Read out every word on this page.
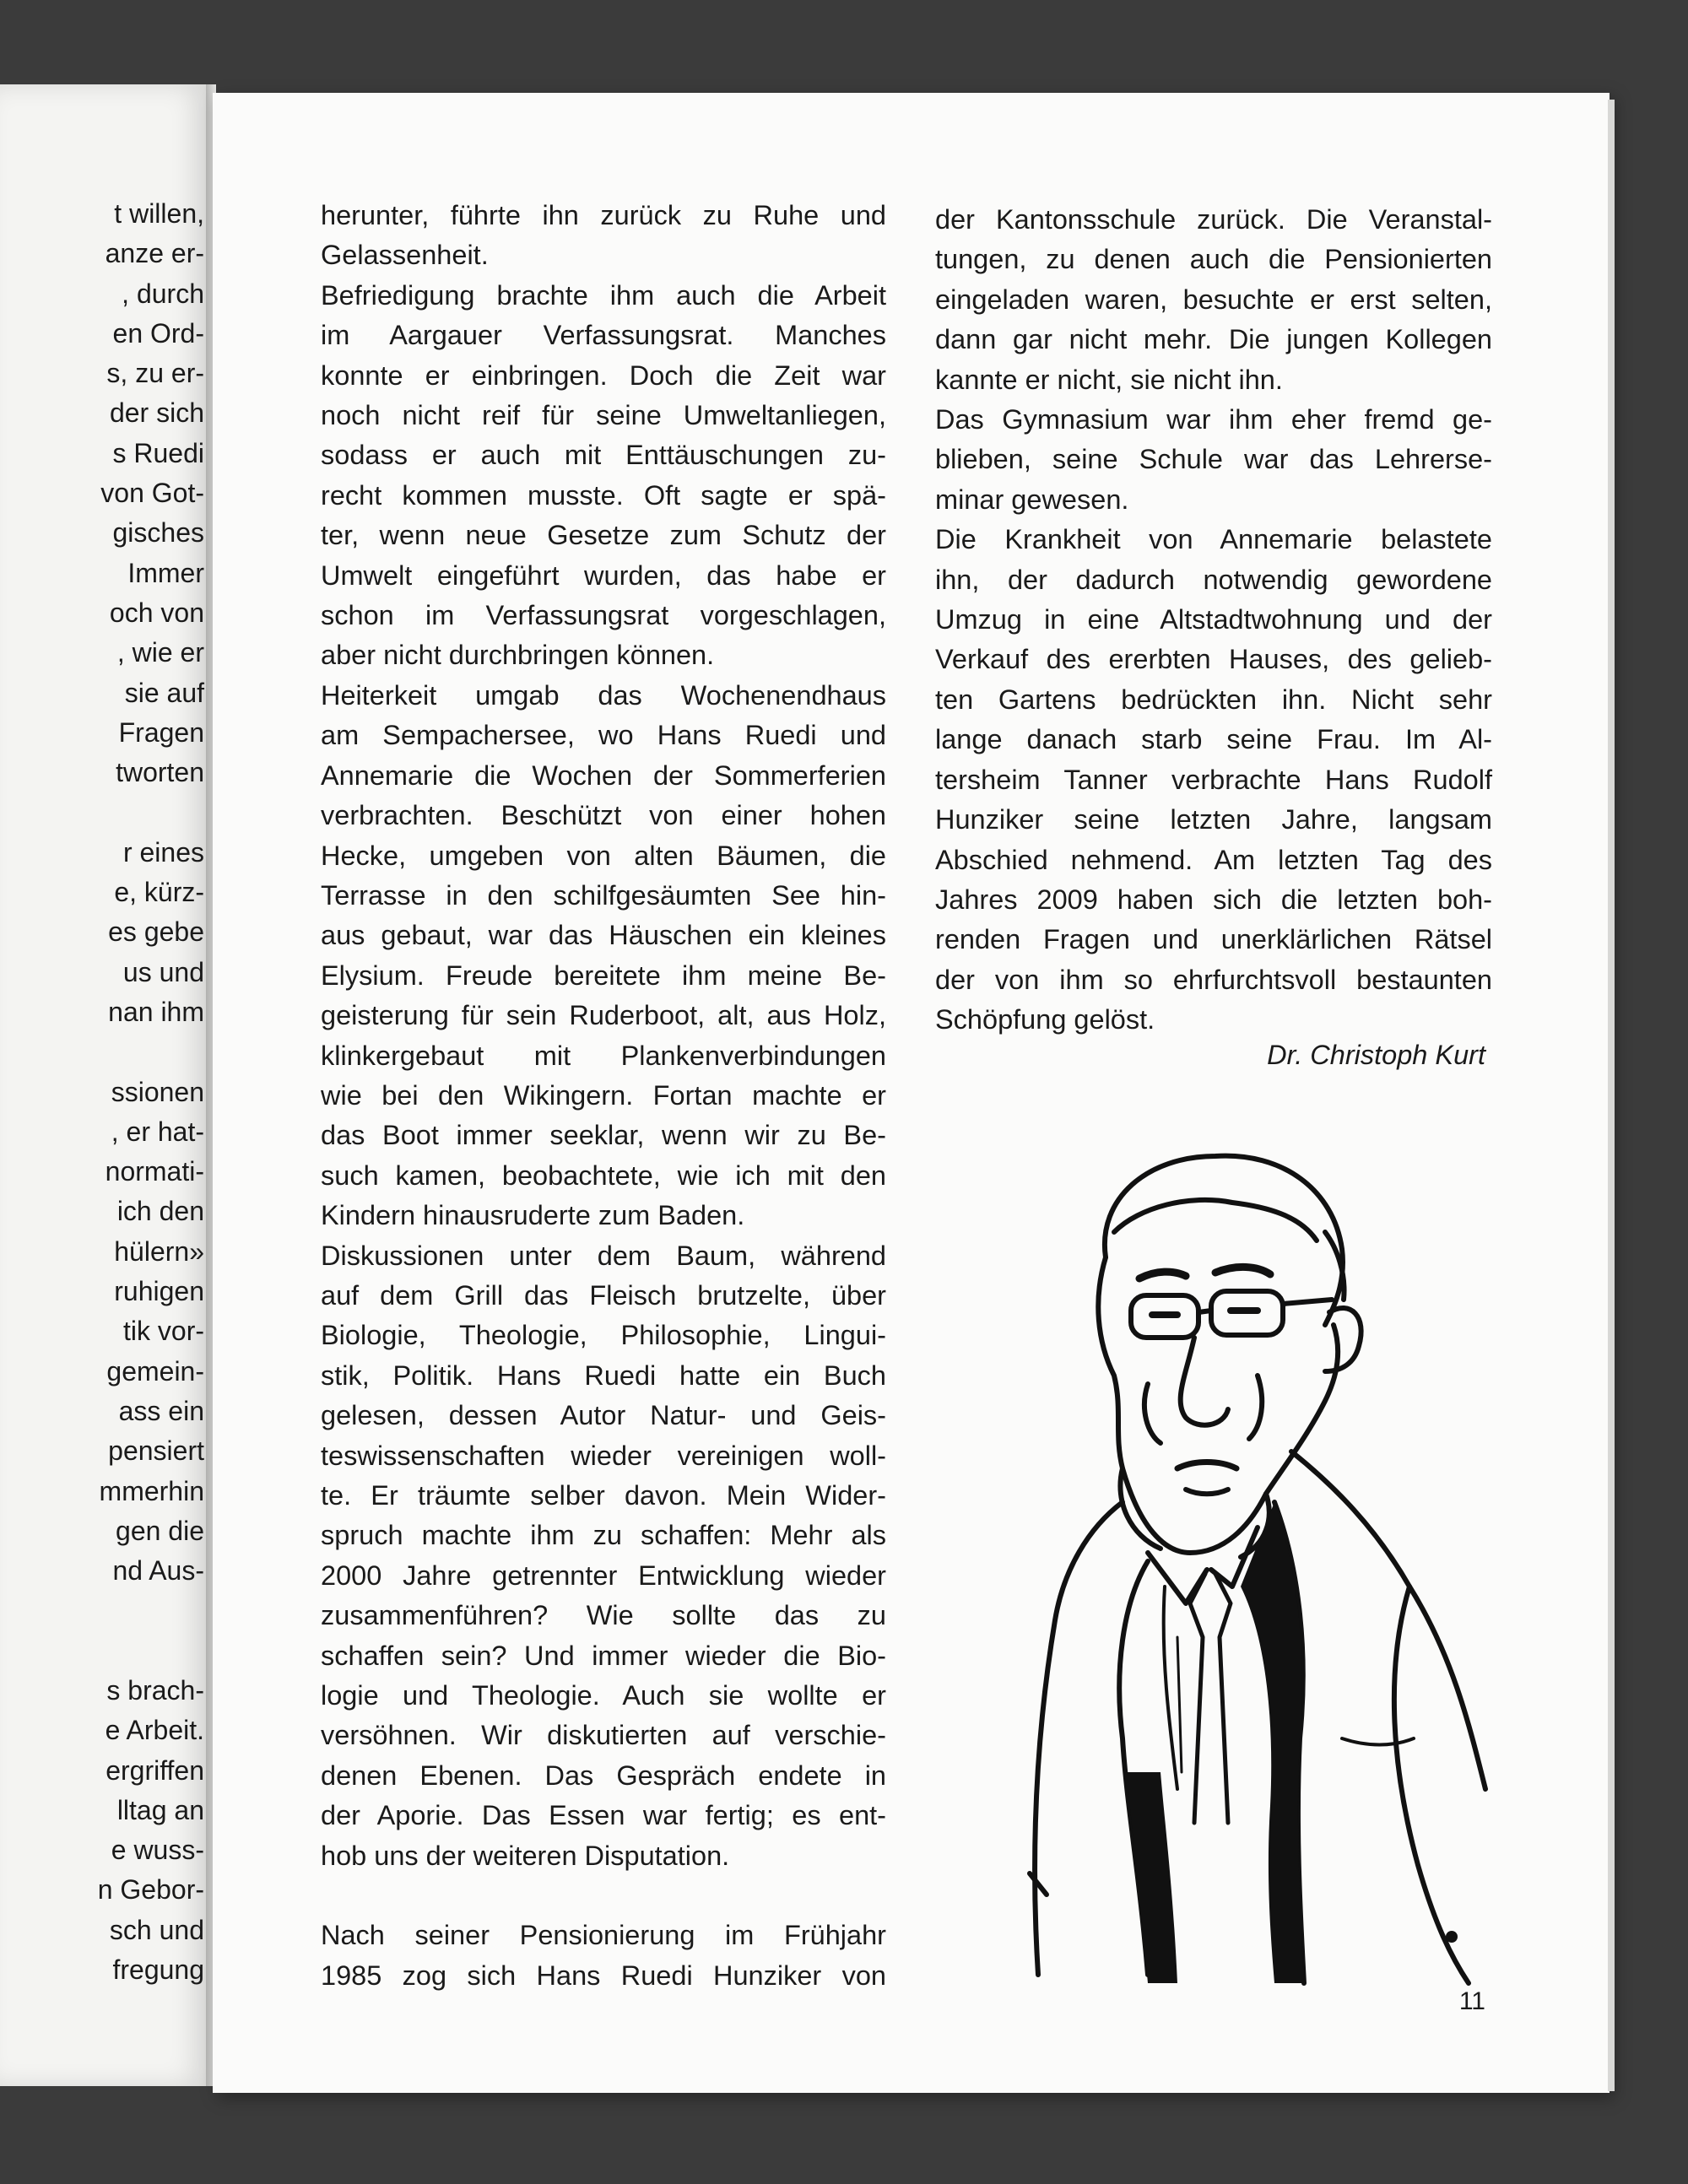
t willen,
anze er-
, durch
en Ord-
s, zu er-
der sich
s Ruedi
von Got-
gisches
Immer
och von
, wie er
sie auf
Fragen
tworten
r eines
e, kürz-
es gebe
us und
nan ihm
ssionen
, er hat-
normati-
ich den
hülern»
ruhigen
tik vor-
gemein-
ass ein
pensiert
mmerhin
gen die
nd Aus-
s brach-
e Arbeit.
ergriffen
lltag an
e wuss-
n Gebor-
sch und
fregung
herunter, führte ihn zurück zu Ruhe und
Gelassenheit.
Befriedigung brachte ihm auch die Arbeit
im Aargauer Verfassungsrat. Manches
konnte er einbringen. Doch die Zeit war
noch nicht reif für seine Umweltanliegen,
sodass er auch mit Enttäuschungen zu-
recht kommen musste. Oft sagte er spä-
ter, wenn neue Gesetze zum Schutz der
Umwelt eingeführt wurden, das habe er
schon im Verfassungsrat vorgeschlagen,
aber nicht durchbringen können.
Heiterkeit umgab das Wochenendhaus
am Sempachersee, wo Hans Ruedi und
Annemarie die Wochen der Sommerferien
verbrachten. Beschützt von einer hohen
Hecke, umgeben von alten Bäumen, die
Terrasse in den schilfgesäumten See hin-
aus gebaut, war das Häuschen ein kleines
Elysium. Freude bereitete ihm meine Be-
geisterung für sein Ruderboot, alt, aus Holz,
klinkergebaut mit Plankenverbindungen
wie bei den Wikingern. Fortan machte er
das Boot immer seeklar, wenn wir zu Be-
such kamen, beobachtete, wie ich mit den
Kindern hinausruderte zum Baden.
Diskussionen unter dem Baum, während
auf dem Grill das Fleisch brutzelte, über
Biologie, Theologie, Philosophie, Lingui-
stik, Politik. Hans Ruedi hatte ein Buch
gelesen, dessen Autor Natur- und Geis-
teswissenschaften wieder vereinigen woll-
te. Er träumte selber davon. Mein Wider-
spruch machte ihm zu schaffen: Mehr als
2000 Jahre getrennter Entwicklung wieder
zusammenführen? Wie sollte das zu
schaffen sein? Und immer wieder die Bio-
logie und Theologie. Auch sie wollte er
versöhnen. Wir diskutierten auf verschie-
denen Ebenen. Das Gespräch endete in
der Aporie. Das Essen war fertig; es ent-
hob uns der weiteren Disputation.
Nach seiner Pensionierung im Frühjahr
1985 zog sich Hans Ruedi Hunziker von
der Kantonsschule zurück. Die Veranstal-
tungen, zu denen auch die Pensionierten
eingeladen waren, besuchte er erst selten,
dann gar nicht mehr. Die jungen Kollegen
kannte er nicht, sie nicht ihn.
Das Gymnasium war ihm eher fremd ge-
blieben, seine Schule war das Lehrerse-
minar gewesen.
Die Krankheit von Annemarie belastete
ihn, der dadurch notwendig gewordene
Umzug in eine Altstadtwohnung und der
Verkauf des ererbten Hauses, des gelieb-
ten Gartens bedrückten ihn. Nicht sehr
lange danach starb seine Frau. Im Al-
tersheim Tanner verbrachte Hans Rudolf
Hunziker seine letzten Jahre, langsam
Abschied nehmend. Am letzten Tag des
Jahres 2009 haben sich die letzten boh-
renden Fragen und unerklärlichen Rätsel
der von ihm so ehrfurchtsvoll bestaunten
Schöpfung gelöst.
Dr. Christoph Kurt
11
